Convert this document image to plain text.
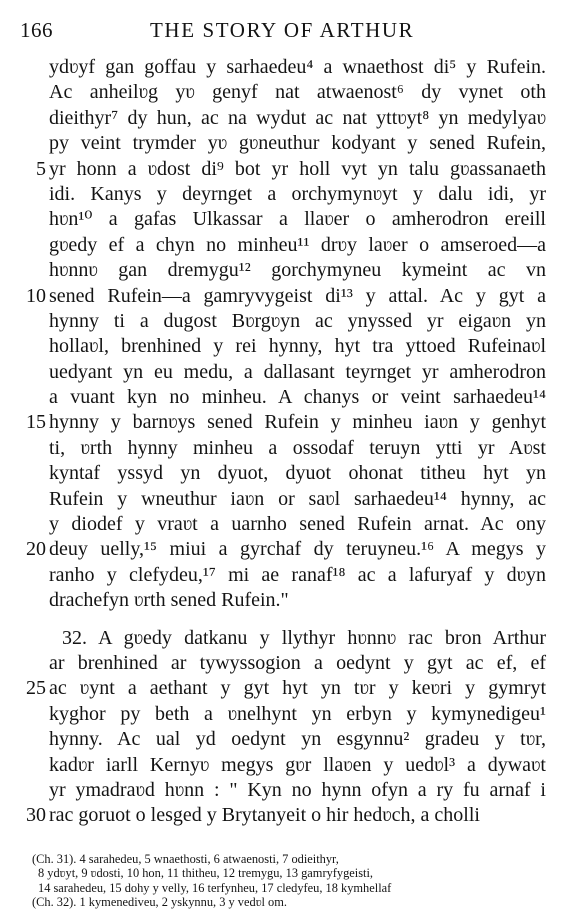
166	THE STORY OF ARTHUR
ydʋyf gan goffau y sarhaedeu⁴ a wnaethost di⁵ y Rufein.
Ac anheilʋg yʋ genyf nat atwaenost⁶ dy vynet oth
dieithyr⁷ dy hun, ac na wydut ac nat yttʋyt⁸ yn medylyaʋ
py veint trymder yʋ gʋneuthur kodyant y sened Rufein,
5 yr honn a ʋdost di⁹ bot yr holl vyt yn talu gʋassanaeth
idi. Kanys y deyrnget a orchymynʋyt y dalu idi, yr
hʋn¹⁰ a gafas Ulkassar a llaʋer o amherodron ereill
gʋedy ef a chyn no minheu¹¹ drʋy laʋer o amseroed—a
hʋnnʋ gan dremygu¹² gorchymyneu kymeint ac vn
10 sened Rufein—a gamryvygeist di¹³ y attal. Ac y gyt a
hynny ti a dugost Bʋrgʋyn ac ynyssed yr eigaʋn yn
hollaʋl, brenhined y rei hynny, hyt tra yttoed Rufeinaʋl
uedyant yn eu medu, a dallasant teyrnget yr amherodron
a vuant kyn no minheu. A chanys or veint sarhaedeu¹⁴
15 hynny y barnʋys sened Rufein y minheu iaʋn y genhyt
ti, ʋrth hynny minheu a ossodaf teruyn ytti yr Aʋst
kyntaf yssyd yn dyuot, dyuot ohonat titheu hyt yn
Rufein y wneuthur iaʋn or saʋl sarhaedeu¹⁴ hynny, ac
y diodef y vraʋt a uarnho sened Rufein arnat. Ac ony
20 deuy uelly,¹⁵ miui a gyrchaf dy teruyneu.¹⁶ A megys y
ranho y clefydeu,¹⁷ mi ae ranaf¹⁸ ac a lafuryaf y dʋyn
drachefyn ʋrth sened Rufein."
32. A gʋedy datkanu y llythyr hʋnnʋ rac bron Arthur
ar brenhined ar tywyssogion a oedynt y gyt ac ef, ef
25 ac ʋynt a aethant y gyt hyt yn tʋr y keʋri y gymryt
kyghor py beth a ʋnelhynt yn erbyn y kymynedigeu¹
hynny. Ac ual yd oedynt yn esgynnu² gradeu y tʋr,
kadʋr iarll Kernyʋ megys gʋr llaʋen y uedʋl³ a dywaʋt
yr ymadraʋd hʋnn : " Kyn no hynn ofyn a ry fu arnaf i
30 rac goruot o lesged y Brytanyeit o hir hedʋch, a cholli
(Ch. 31). 4 sarahedeu, 5 wnaethosti, 6 atwaenosti, 7 odieithyr,
8 ydʋyt, 9 ʋdosti, 10 hon, 11 thitheu, 12 tremygu, 13 gamryfygeisti,
14 sarahedeu, 15 dohy y velly, 16 terfynheu, 17 cledyfeu, 18 kymhellaf
(Ch. 32). 1 kymenediveu, 2 yskynnu, 3 y vedʋl om.
